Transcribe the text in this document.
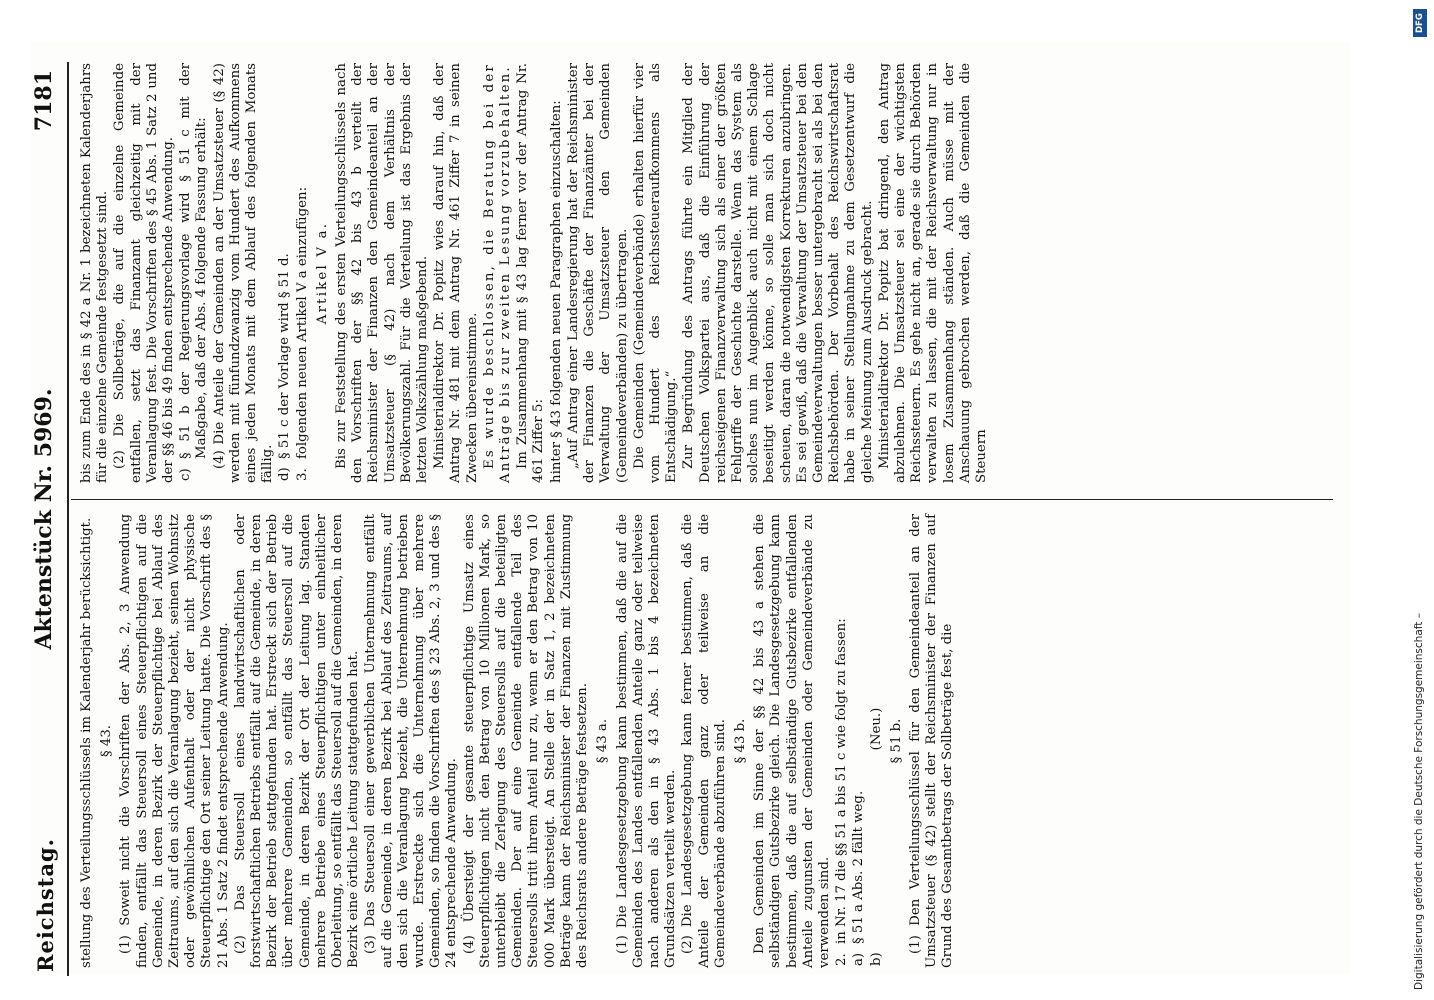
Reichstag.
Aktenstück Nr. 5969.
7181

stellung des Verteilungsschlüssels im Kalenderjahr berücksichtigt. § 43. (1) Soweit nicht die Vorschriften der Abs. 2, 3 Anwendung finden, entfällt das Steuersoll eines Steuerpflichtigen auf die Gemeinde, in deren Bezirk der Steuerpflichtige bei Ablauf des Zeitraums, auf den sich die Veranlagung bezieht, seinen Wohnsitz oder gewöhnlichen Aufenthalt oder der nicht physische Steuerpflichtige den Ort seiner Leitung hatte. Die Vorschrift des § 21 Abs. 1 Satz 2 findet entsprechende Anwendung. (2) Das Steuersoll eines landwirtschaftlichen oder forstwirtschaftlichen Betriebs entfällt auf die Gemeinde, in deren Bezirk der Betrieb stattgefunden hat. Erstreckt sich der Betrieb über mehrere Gemeinden, so entfällt das Steuersoll auf die Gemeinde, in deren Bezirk der Ort der Leitung lag. Standen mehrere Betriebe eines Steuerpflichtigen unter einheitlicher Oberleitung, so entfällt das Steuersoll auf die Gemeinden, in deren Bezirk eine örtliche Leitung stattgefunden hat. (3) Das Steuersoll einer gewerblichen Unternehmung entfällt auf die Gemeinde, in deren Bezirk bei Ablauf des Zeitraums, auf den sich die Veranlagung bezieht, die Unternehmung betrieben wurde. Erstreckte sich die Unternehmung über mehrere Gemeinden, so finden die Vorschriften des § 23 Abs. 2, 3 und des § 24 entsprechende Anwendung. (4) Übersteigt der gesamte steuerpflichtige Umsatz eines Steuerpflichtigen nicht den Betrag von 10 Millionen Mark, so unterbleibt die Zerlegung des Steuersolls auf die beteiligten Gemeinden. Der auf eine Gemeinde entfallende Teil des Steuersolls tritt ihrem Anteil nur zu, wenn er den Betrag von 10 000 Mark übersteigt. An Stelle der in Satz 1, 2 bezeichneten Beträge kann der Reichsminister der Finanzen mit Zustimmung des Reichsrats andere Beträge festsetzen. § 43 a. (1) Die Landesgesetzgebung kann bestimmen, daß die auf die Gemeinden des Landes entfallenden Anteile ganz oder teilweise nach anderen als den in § 43 Abs. 1 bis 4 bezeichneten Grundsätzen verteilt werden. (2) Die Landesgesetzgebung kann ferner bestimmen, daß die Anteile der Gemeinden ganz oder teilweise an die Gemeindeverbände abzuführen sind. § 43 b. Den Gemeinden im Sinne der §§ 42 bis 43 a stehen die selbständigen Gutsbezirke gleich. Die Landesgesetzgebung kann bestimmen, daß die auf selbständige Gutsbezirke entfallenden Anteile zugunsten der Gemeinden oder Gemeindeverbände zu verwenden sind. 2.
in Nr. 17 die §§ 51 a bis 51 c wie folgt zu fassen:
a)
§ 51 a Abs. 2 fällt weg.
b)
(Neu.) § 51 b. (1) Den Verteilungsschlüssel für den Gemeindeanteil an der Umsatzsteuer (§ 42) stellt der Reichsminister der Finanzen auf Grund des Gesamtbetrags der Sollbeträge fest, die

bis zum Ende des in § 42 a Nr. 1 bezeichneten Kalenderjahrs für die einzelne Gemeinde festgesetzt sind. (2) Die Sollbeträge, die auf die einzelne Gemeinde entfallen, setzt das Finanzamt gleichzeitig mit der Veranlagung fest. Die Vorschriften des § 45 Abs. 1 Satz 2 und der §§ 46 bis 49 finden entsprechende Anwendung. c)
§ 51 b der Regierungsvorlage wird § 51 c mit der Maßgabe, daß der Abs. 4 folgende Fassung erhält: (4) Die Anteile der Gemeinden an der Umsatzsteuer (§ 42) werden mit fünfundzwanzig vom Hundert des Aufkommens eines jeden Monats mit dem Ablauf des folgenden Monats fällig. d)
§ 51 c der Vorlage wird § 51 d.
3.
folgenden neuen Artikel V a einzufügen: Artikel V a. Bis zur Feststellung des ersten Verteilungsschlüssels nach den Vorschriften der §§ 42 bis 43 b verteilt der Reichsminister der Finanzen den Gemeindeanteil an der Umsatzsteuer (§ 42) nach dem Verhältnis der Bevölkerungszahl. Für die Verteilung ist das Ergebnis der letzten Volkszählung maßgebend. Ministerialdirektor Dr. Popitz wies darauf hin, daß der Antrag Nr. 481 mit dem Antrag Nr. 461 Ziffer 7 in seinen Zwecken übereinstimme. Es wurde beschlossen, die Beratung bei der Anträge bis zur zweiten Lesung vorzubehalten. Im Zusammenhang mit § 43 lag ferner vor der Antrag Nr. 461 Ziffer 5: hinter § 43 folgenden neuen Paragraphen einzuschalten: „Auf Antrag einer Landesregierung hat der Reichsminister der Finanzen die Geschäfte der Finanzämter bei der Verwaltung der Umsatzsteuer den Gemeinden (Gemeindeverbänden) zu übertragen. Die Gemeinden (Gemeindeverbände) erhalten hierfür vier vom Hundert des Reichssteueraufkommens als Entschädigung.“ Zur Begründung des Antrags führte ein Mitglied der Deutschen Volkspartei aus, daß die Einführung der reichseigenen Finanzverwaltung sich als einer der größten Fehlgriffe der Geschichte darstelle. Wenn das System als solches nun im Augenblick auch nicht mit einem Schlage beseitigt werden könne, so solle man sich doch nicht scheuen, daran die notwendigsten Korrekturen anzubringen. Es sei gewiß, daß die Verwaltung der Umsatzsteuer bei den Gemeindeverwaltungen besser untergebracht sei als bei den Reichsbehörden. Der Vorbehalt des Reichswirtschaftsrat habe in seiner Stellungnahme zu dem Gesetzentwurf die gleiche Meinung zum Ausdruck gebracht. Ministerialdirektor Dr. Popitz bat dringend, den Antrag abzulehnen. Die Umsatzsteuer sei eine der wichtigsten Reichssteuern. Es gehe nicht an, gerade sie durch Behörden verwalten zu lassen, die mit der Reichsverwaltung nur in losem Zusammenhang ständen. Auch müsse mit der Anschauung gebrochen werden, daß die Gemeinden die Steuern

Digitalisierung gefördert durch die Deutsche Forschungsgemeinschaft –
DFG
